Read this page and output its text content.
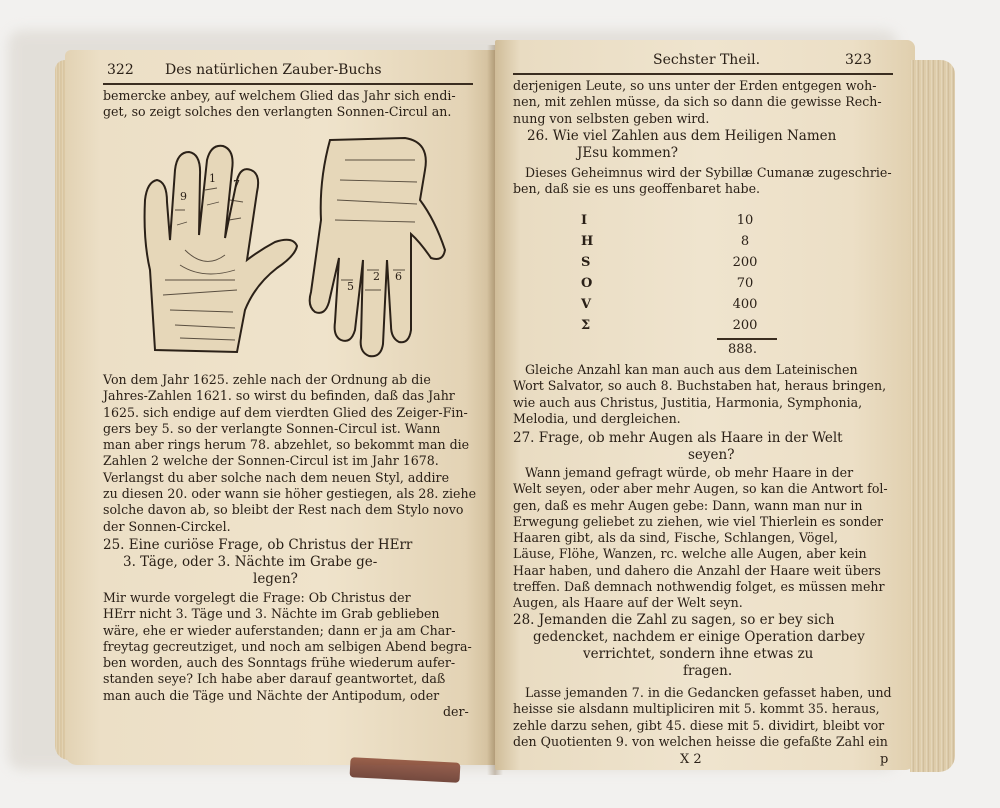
322 Des natürlichen Zauber-Buchs
bemercke anbey, auf welchem Glied das Jahr sich endi-
get, so zeigt solches den verlangten Sonnen-Circul an.
9
1 7
2 6
5
Von dem Jahr 1625. zehle nach der Ordnung ab die
Jahres-Zahlen 1621. so wirst du befinden, daß das Jahr
1625. sich endige auf dem vierdten Glied des Zeiger-Fin-
gers bey 5. so der verlangte Sonnen-Circul ist. Wann
man aber rings herum 78. abzehlet, so bekommt man die
Zahlen 2 welche der Sonnen-Circul ist im Jahr 1678.
Verlangst du aber solche nach dem neuen Styl, addire
zu diesen 20. oder wann sie höher gestiegen, als 28. ziehe
solche davon ab, so bleibt der Rest nach dem Stylo novo
der Sonnen-Circkel.
25. Eine curiöse Frage, ob Christus der HErr
3. Täge, oder 3. Nächte im Grabe ge-
legen?
Mir wurde vorgelegt die Frage: Ob Christus der
HErr nicht 3. Täge und 3. Nächte im Grab geblieben
wäre, ehe er wieder auferstanden; dann er ja am Char-
freytag gecreutziget, und noch am selbigen Abend begra-
ben worden, auch des Sonntags frühe wiederum aufer-
standen seye? Ich habe aber darauf geantwortet, daß
man auch die Täge und Nächte der Antipodum, oder
der-
Sechster Theil.	323
derjenigen Leute, so uns unter der Erden entgegen woh-
nen, mit zehlen müsse, da sich so dann die gewisse Rech-
nung von selbsten geben wird.
26. Wie viel Zahlen aus dem Heiligen Namen
JEsu kommen?
Dieses Geheimnus wird der Sybillæ Cumanæ zugeschrie-
ben, daß sie es uns geoffenbaret habe.
I
H
S
O
V
Σ
10
8
200
70
400
200
888.
Gleiche Anzahl kan man auch aus dem Lateinischen
Wort Salvator, so auch 8. Buchstaben hat, heraus bringen,
wie auch aus Christus, Justitia, Harmonia, Symphonia,
Melodia, und dergleichen.
27. Frage, ob mehr Augen als Haare in der Welt
seyen?
Wann jemand gefragt würde, ob mehr Haare in der
Welt seyen, oder aber mehr Augen, so kan die Antwort fol-
gen, daß es mehr Augen gebe: Dann, wann man nur in
Erwegung geliebet zu ziehen, wie viel Thierlein es sonder
Haaren gibt, als da sind, Fische, Schlangen, Vögel,
Läuse, Flöhe, Wanzen, rc. welche alle Augen, aber kein
Haar haben, und dahero die Anzahl der Haare weit übers
treffen. Daß demnach nothwendig folget, es müssen mehr
Augen, als Haare auf der Welt seyn.
28. Jemanden die Zahl zu sagen, so er bey sich
gedencket, nachdem er einige Operation darbey
verrichtet, sondern ihne etwas zu
fragen.
Lasse jemanden 7. in die Gedancken gefasset haben, und
heisse sie alsdann multipliciren mit 5. kommt 35. heraus,
zehle darzu sehen, gibt 45. diese mit 5. dividirt, bleibt vor
den Quotienten 9. von welchen heisse die gefaßte Zahl ein
X 2	p
